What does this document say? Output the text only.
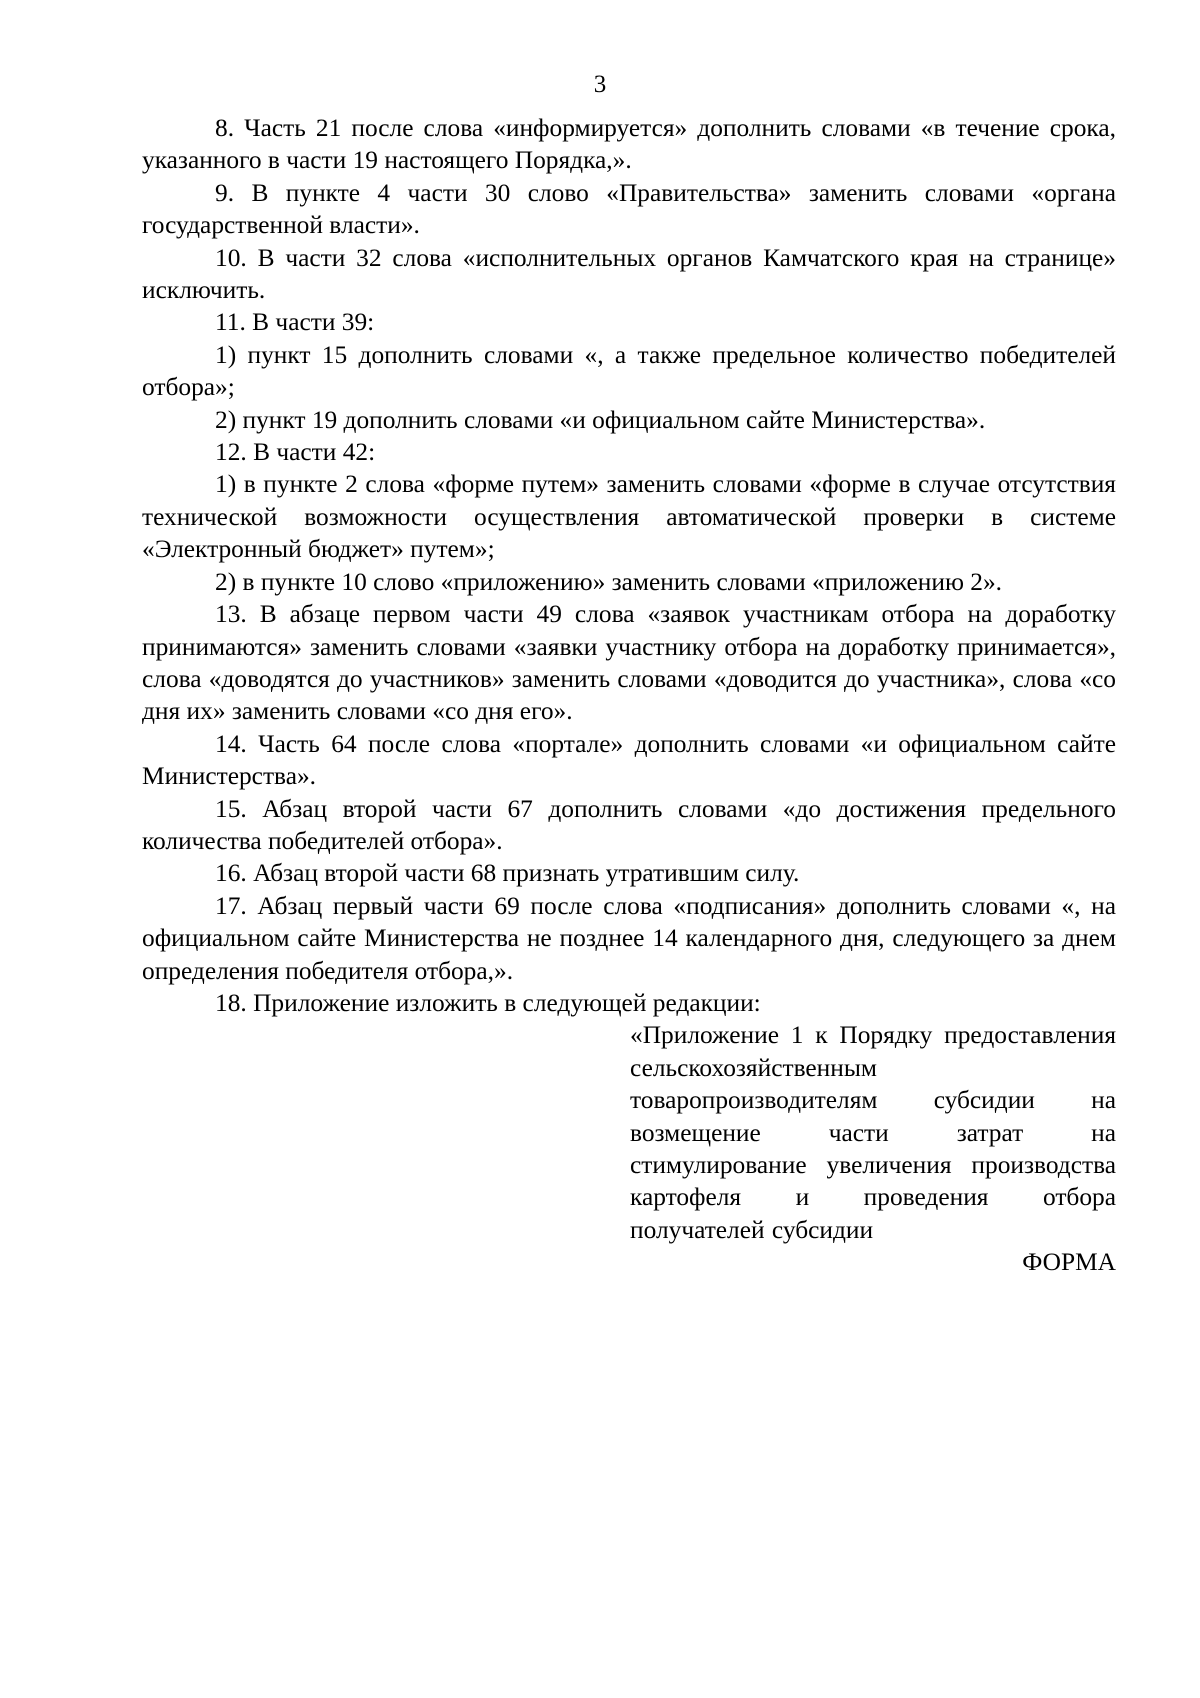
3

8. Часть 21 после слова «информируется» дополнить словами «в течение срока, указанного в части 19 настоящего Порядка,».

9. В пункте 4 части 30 слово «Правительства» заменить словами «органа государственной власти».

10. В части 32 слова «исполнительных органов Камчатского края на странице» исключить.

11. В части 39:

1) пункт 15 дополнить словами «, а также предельное количество победителей отбора»;

2) пункт 19 дополнить словами «и официальном сайте Министерства».

12. В части 42:

1) в пункте 2 слова «форме путем» заменить словами «форме в случае отсутствия технической возможности осуществления автоматической проверки в системе «Электронный бюджет» путем»;

2) в пункте 10 слово «приложению» заменить словами «приложению 2».

13. В абзаце первом части 49 слова «заявок участникам отбора на доработку принимаются» заменить словами «заявки участнику отбора на доработку принимается», слова «доводятся до участников» заменить словами «доводится до участника», слова «со дня их» заменить словами «со дня его».

14. Часть 64 после слова «портале» дополнить словами «и официальном сайте Министерства».

15. Абзац второй части 67 дополнить словами «до достижения предельного количества победителей отбора».

16. Абзац второй части 68 признать утратившим силу.

17. Абзац первый части 69 после слова «подписания» дополнить словами «, на официальном сайте Министерства не позднее 14 календарного дня, следующего за днем определения победителя отбора,».

18. Приложение изложить в следующей редакции:

«Приложение 1 к Порядку предоставления сельскохозяйственным товаропроизводителям субсидии на возмещение части затрат на стимулирование увеличения производства картофеля и проведения отбора получателей субсидии

ФОРМА
